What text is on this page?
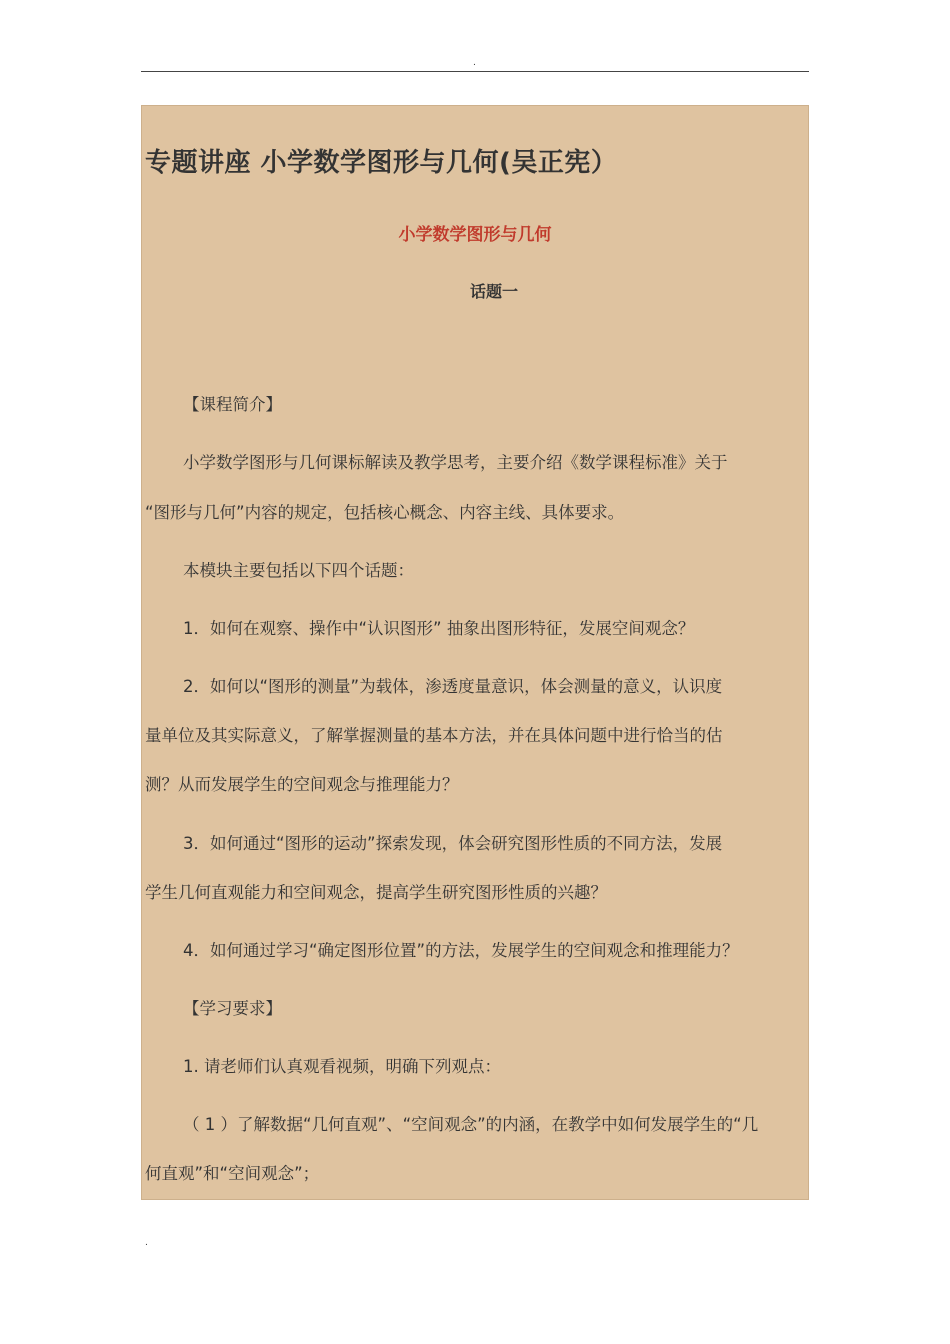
.
专题讲座 小学数学图形与几何(吴正宪）
小学数学图形与几何
话题一
【课程简介】
小学数学图形与几何课标解读及教学思考，主要介绍《数学课程标准》关于
“图形与几何”内容的规定，包括核心概念、内容主线、具体要求。
本模块主要包括以下四个话题：
1．如何在观察、操作中“认识图形” 抽象出图形特征，发展空间观念？
2．如何以“图形的测量”为载体，渗透度量意识，体会测量的意义，认识度
量单位及其实际意义，了解掌握测量的基本方法，并在具体问题中进行恰当的估
测？从而发展学生的空间观念与推理能力？
3．如何通过“图形的运动”探索发现，体会研究图形性质的不同方法，发展
学生几何直观能力和空间观念，提高学生研究图形性质的兴趣？
4．如何通过学习“确定图形位置”的方法，发展学生的空间观念和推理能力？
【学习要求】
1. 请老师们认真观看视频，明确下列观点：
（ 1 ）了解数据“几何直观”、“空间观念”的内涵，在教学中如何发展学生的“几
何直观”和“空间观念”；
.
